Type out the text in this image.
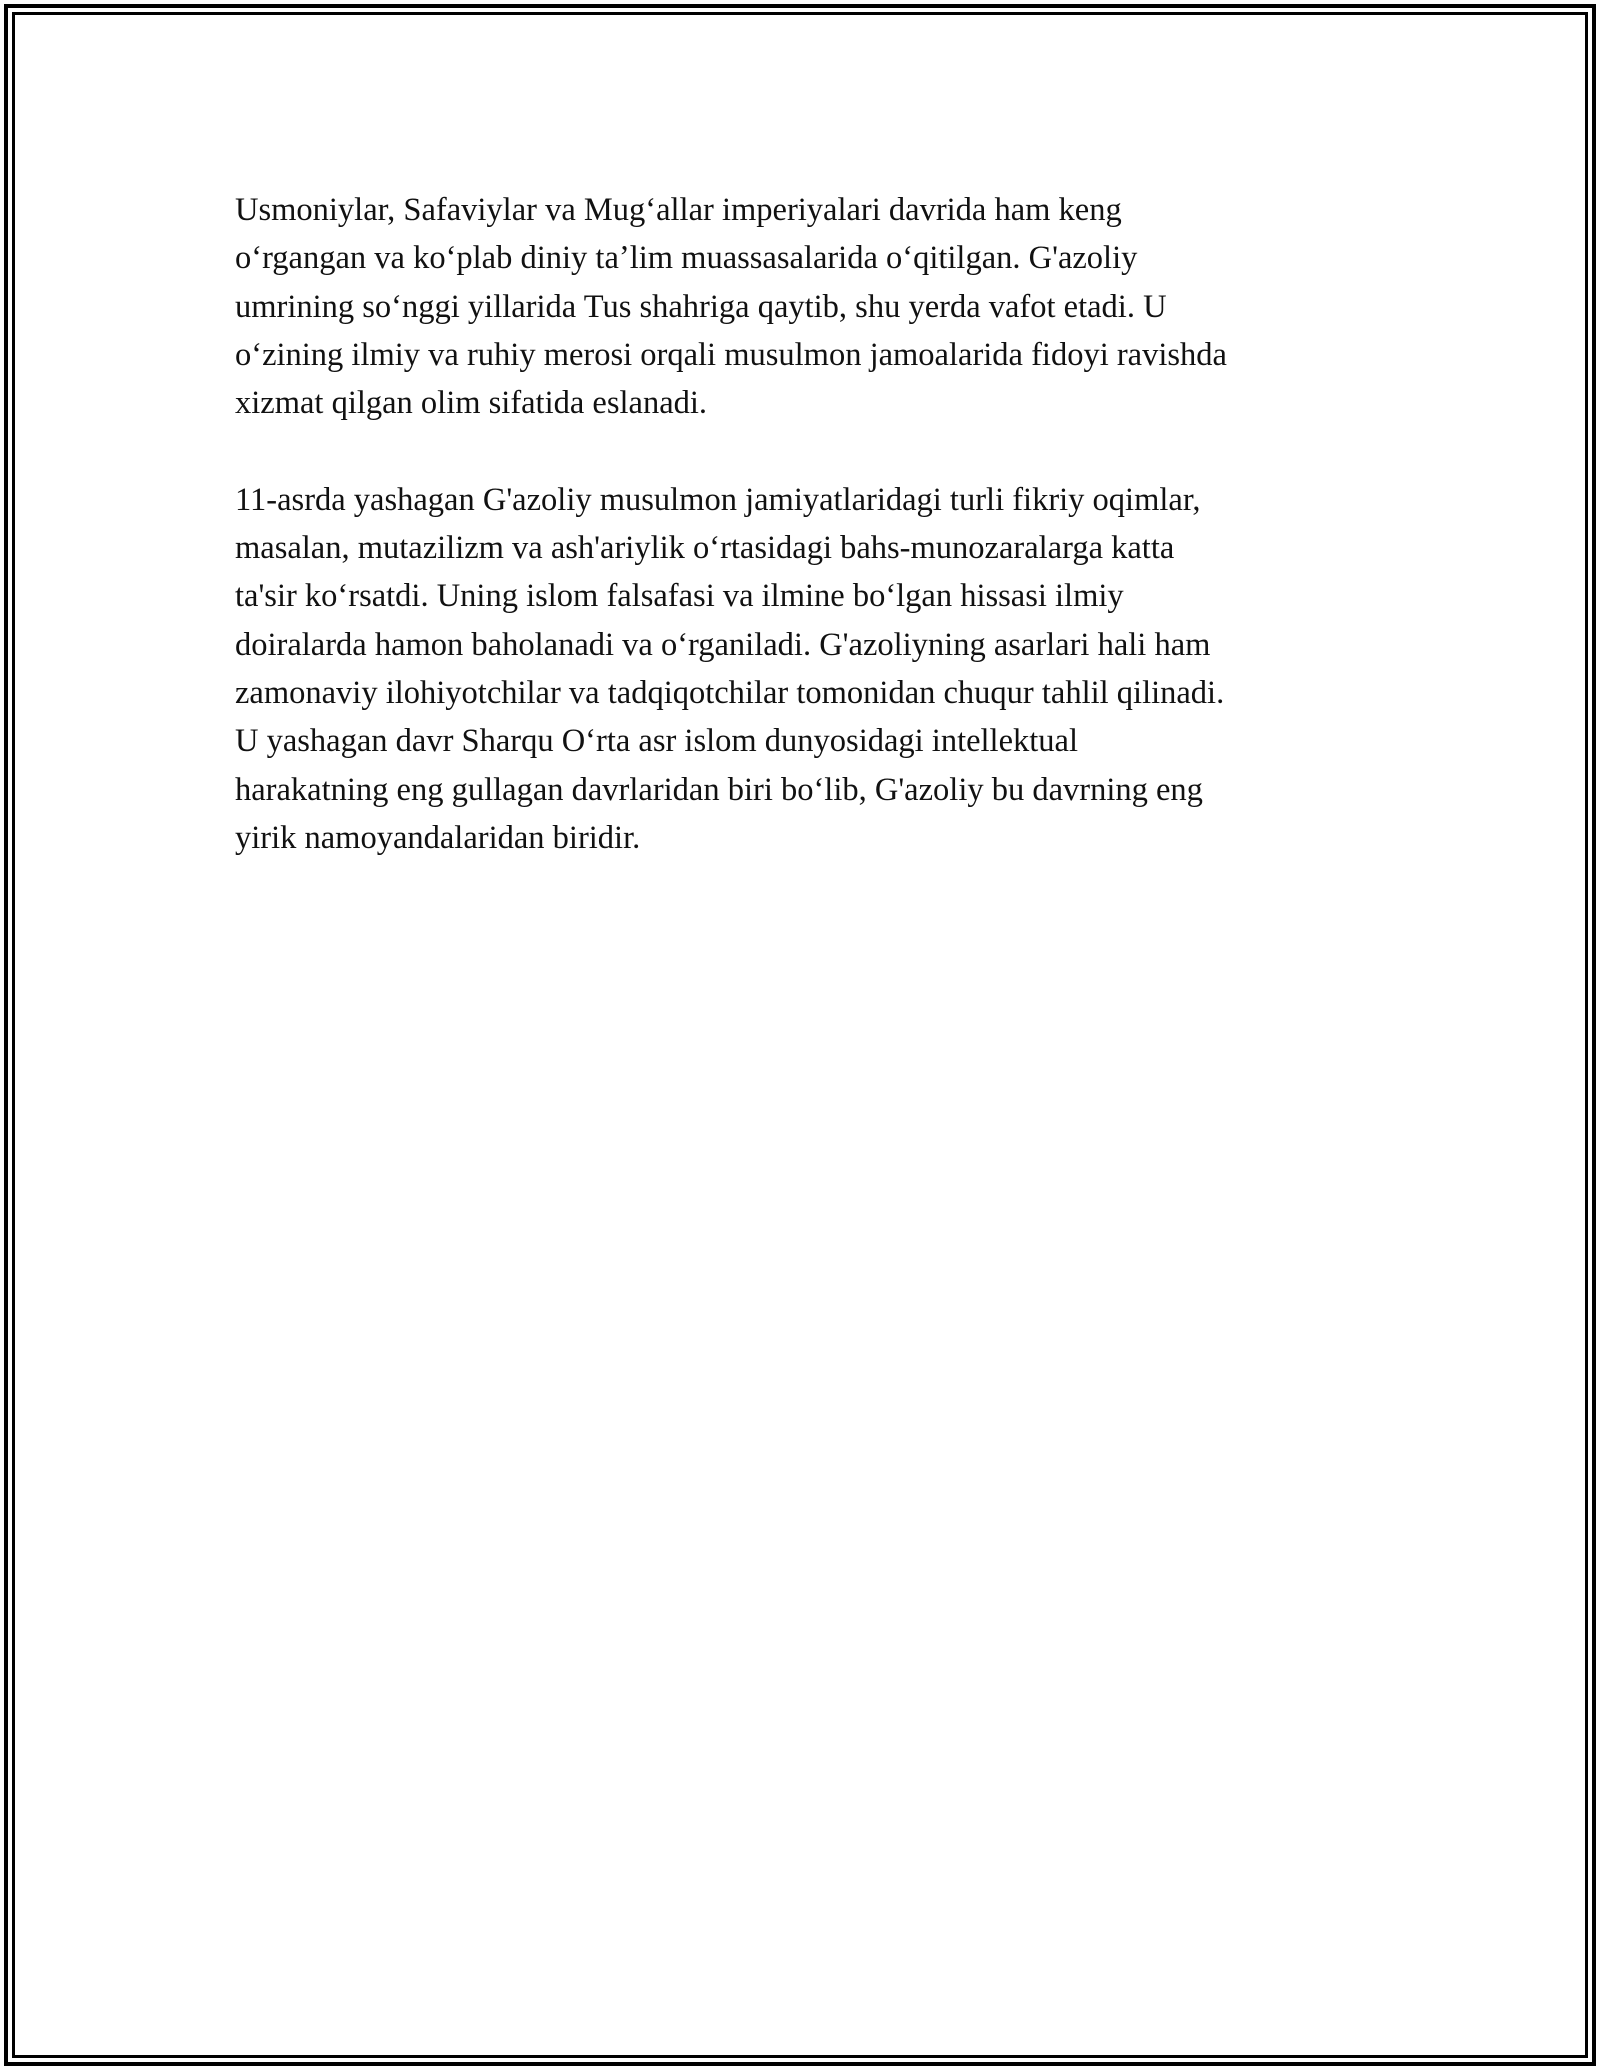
Usmoniylar, Safaviylar va Mugʻallar imperiyalari davrida ham keng
oʻrgangan va koʻplab diniy taʼlim muassasalarida oʻqitilgan. G'azoliy
umrining soʻnggi yillarida Tus shahriga qaytib, shu yerda vafot etadi. U
oʻzining ilmiy va ruhiy merosi orqali musulmon jamoalarida fidoyi ravishda
xizmat qilgan olim sifatida eslanadi.

11-asrda yashagan G'azoliy musulmon jamiyatlaridagi turli fikriy oqimlar,
masalan, mutazilizm va ash'ariylik oʻrtasidagi bahs-munozaralarga katta
ta'sir koʻrsatdi. Uning islom falsafasi va ilmine boʻlgan hissasi ilmiy
doiralarda hamon baholanadi va oʻrganiladi. G'azoliyning asarlari hali ham
zamonaviy ilohiyotchilar va tadqiqotchilar tomonidan chuqur tahlil qilinadi.
U yashagan davr Sharqu Oʻrta asr islom dunyosidagi intellektual
harakatning eng gullagan davrlaridan biri boʻlib, G'azoliy bu davrning eng
yirik namoyandalaridan biridir.
